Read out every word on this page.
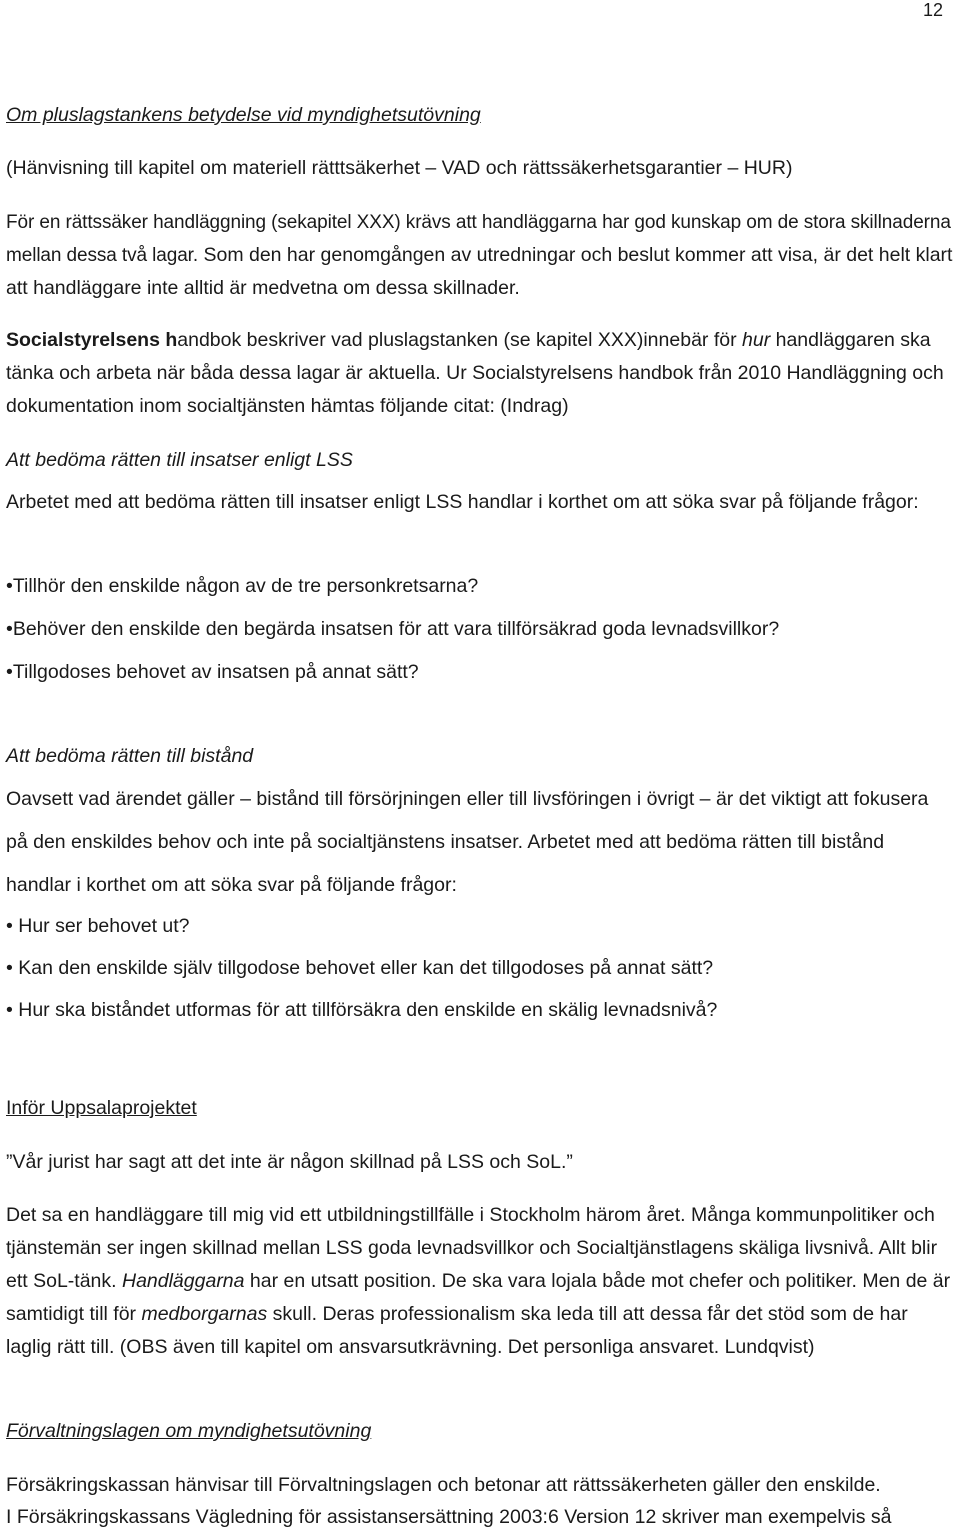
12

Om pluslagstankens betydelse vid myndighetsutövning

(Hänvisning till kapitel om materiell rätttsäkerhet – VAD och rättssäkerhetsgarantier – HUR)

För en rättssäker handläggning (sekapitel XXX) krävs att handläggarna har god kunskap om de stora skillnaderna mellan dessa två lagar. Som den har genomgången av utredningar och beslut kommer att visa, är det helt klart att handläggare inte alltid är medvetna om dessa skillnader.

Socialstyrelsens handbok beskriver vad pluslagstanken (se kapitel XXX)innebär för hur handläggaren ska tänka och arbeta när båda dessa lagar är aktuella. Ur Socialstyrelsens handbok från 2010 Handläggning och dokumentation inom socialtjänsten hämtas följande citat: (Indrag)

Att bedöma rätten till insatser enligt LSS

Arbetet med att bedöma rätten till insatser enligt LSS handlar i korthet om att söka svar på följande frågor:

•Tillhör den enskilde någon av de tre personkretsarna?

•Behöver den enskilde den begärda insatsen för att vara tillförsäkrad goda levnadsvillkor?

•Tillgodoses behovet av insatsen på annat sätt?

Att bedöma rätten till bistånd

Oavsett vad ärendet gäller – bistånd till försörjningen eller till livsföringen i övrigt – är det viktigt att fokusera på den enskildes behov och inte på socialtjänstens insatser. Arbetet med att bedöma rätten till bistånd handlar i korthet om att söka svar på följande frågor:

• Hur ser behovet ut?

• Kan den enskilde själv tillgodose behovet eller kan det tillgodoses på annat sätt?

• Hur ska biståndet utformas för att tillförsäkra den enskilde en skälig levnadsnivå?

Inför Uppsalaprojektet

”Vår jurist har sagt att det inte är någon skillnad på LSS och SoL.”

Det sa en handläggare till mig vid ett utbildningstillfälle i Stockholm härom året. Många kommunpolitiker och tjänstemän ser ingen skillnad mellan LSS goda levnadsvillkor och Socialtjänstlagens skäliga livsnivå. Allt blir ett SoL-tänk. Handläggarna har en utsatt position. De ska vara lojala både mot chefer och politiker. Men de är samtidigt till för medborgarnas skull. Deras professionalism ska leda till att dessa får det stöd som de har laglig rätt till. (OBS även till kapitel om ansvarsutkrävning. Det personliga ansvaret. Lundqvist)

Förvaltningslagen om myndighetsutövning

Försäkringskassan hänvisar till Förvaltningslagen och betonar att rättssäkerheten gäller den enskilde.

I Försäkringskassans Vägledning för assistansersättning 2003:6 Version 12 skriver man exempelvis så
